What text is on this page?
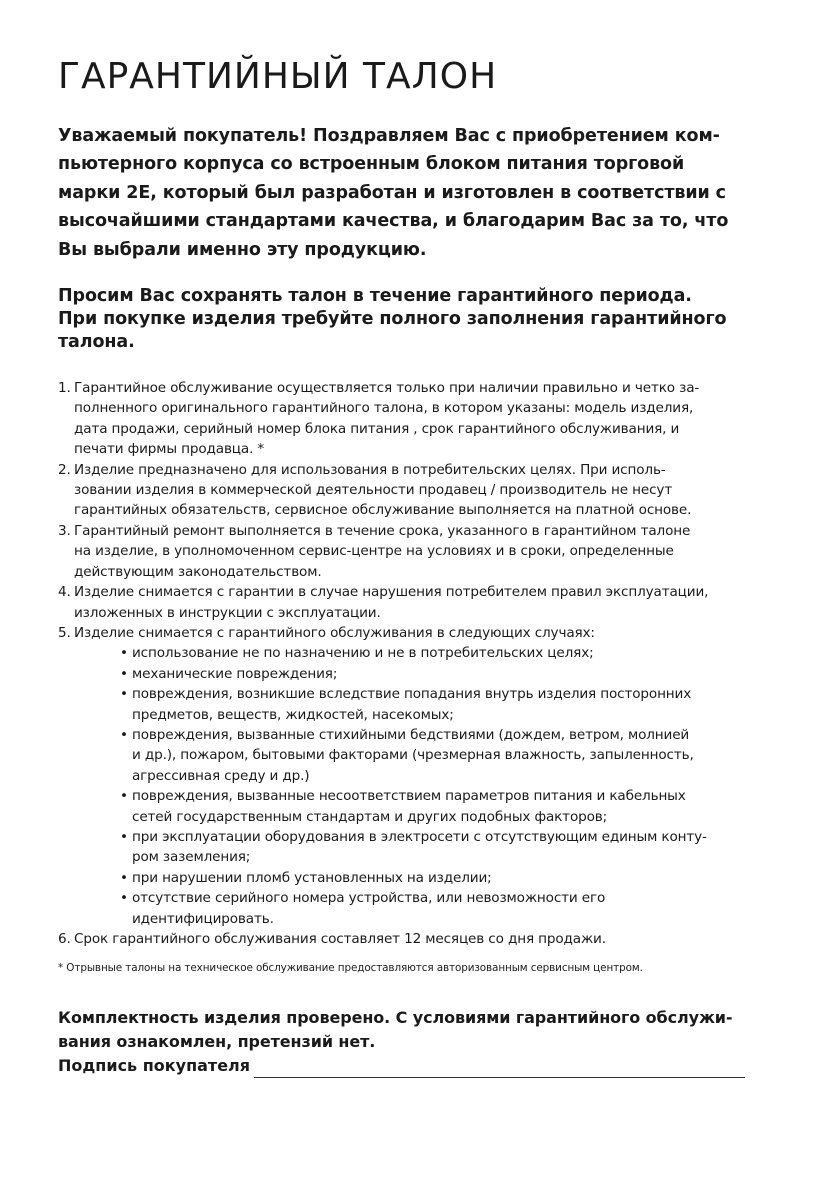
ГАРАНТИЙНЫЙ ТАЛОН

Уважаемый покупатель! Поздравляем Вас с приобретением ком-
пьютерного корпуса со встроенным блоком питания торговой
марки 2E, который был разработан и изготовлен в соответствии с
высочайшими стандартами качества, и благодарим Вас за то, что
Вы выбрали именно эту продукцию.

Просим Вас сохранять талон в течение гарантийного периода.
При покупке изделия требуйте полного заполнения гарантийного
талона.

1. Гарантийное обслуживание осуществляется только при наличии правильно и четко за-
полненного оригинального гарантийного талона, в котором указаны: модель изделия,
дата продажи, серийный номер блока питания , срок гарантийного обслуживания, и
печати фирмы продавца. *
2. Изделие предназначено для использования в потребительских целях. При исполь-
зовании изделия в коммерческой деятельности продавец / производитель не несут
гарантийных обязательств, сервисное обслуживание выполняется на платной основе.
3. Гарантийный ремонт выполняется в течение срока, указанного в гарантийном талоне
на изделие, в уполномоченном сервис-центре на условиях и в сроки, определенные
действующим законодательством.
4. Изделие снимается с гарантии в случае нарушения потребителем правил эксплуатации,
изложенных в инструкции с эксплуатации.
5. Изделие снимается с гарантийного обслуживания в следующих случаях:
• использование не по назначению и не в потребительских целях;
• механические повреждения;
• повреждения, возникшие вследствие попадания внутрь изделия посторонних
предметов, веществ, жидкостей, насекомых;
• повреждения, вызванные стихийными бедствиями (дождем, ветром, молнией
и др.), пожаром, бытовыми факторами (чрезмерная влажность, запыленность,
агрессивная среду и др.)
• повреждения, вызванные несоответствием параметров питания и кабельных
сетей государственным стандартам и других подобных факторов;
• при эксплуатации оборудования в электросети с отсутствующим единым конту-
ром заземления;
• при нарушении пломб установленных на изделии;
• отсутствие серийного номера устройства, или невозможности его идентифицировать.
6. Срок гарантийного обслуживания составляет 12 месяцев со дня продажи.
* Отрывные талоны на техническое обслуживание предоставляются авторизованным сервисным центром.
Комплектность изделия проверено. С условиями гарантийного обслужи-
вания ознакомлен, претензий нет.
Подпись покупателя
